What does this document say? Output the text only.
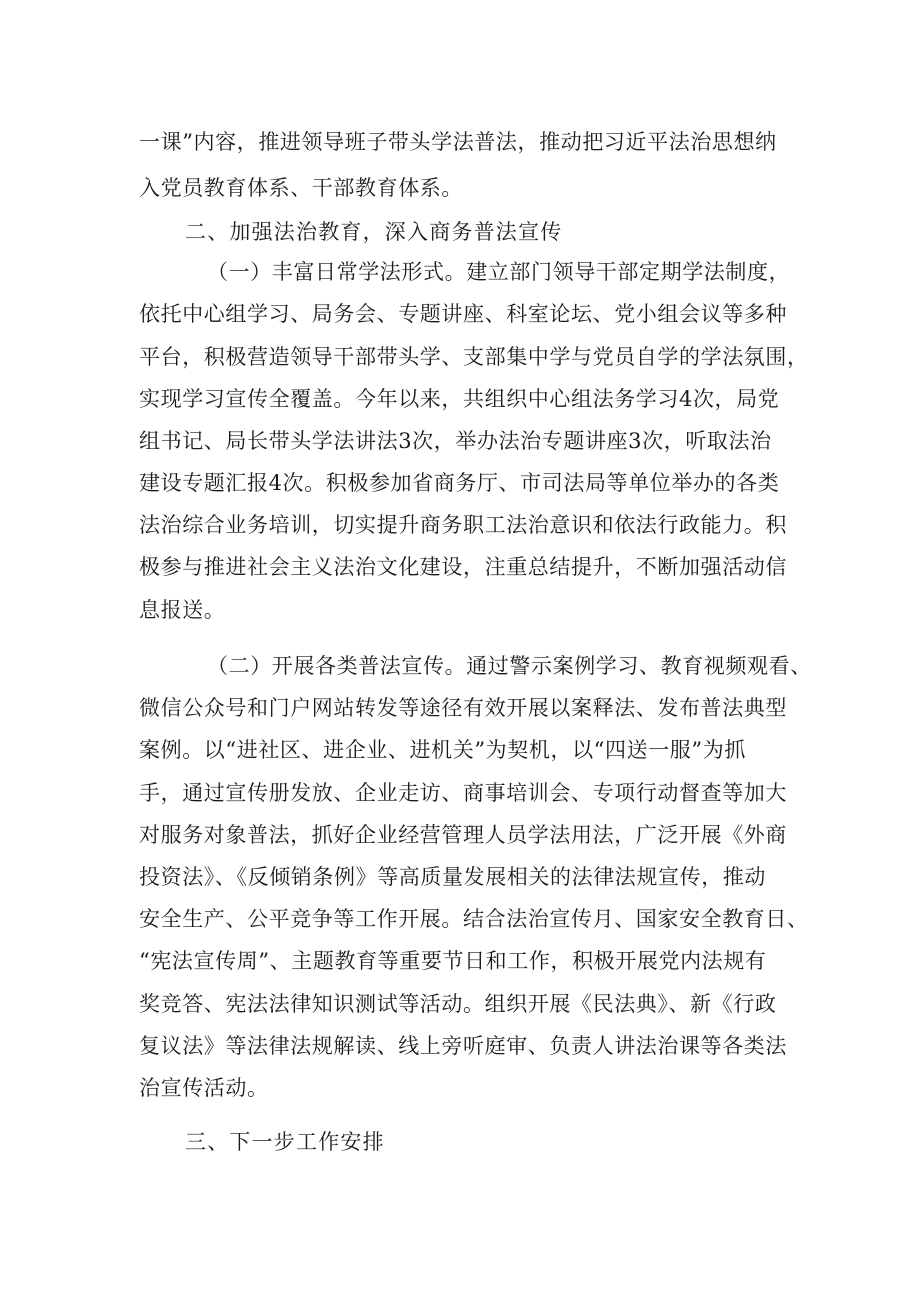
一课”内容，推进领导班子带头学法普法，推动把习近平法治思想纳
入党员教育体系、干部教育体系。
二、加强法治教育，深入商务普法宣传
（一）丰富日常学法形式。建立部门领导干部定期学法制度，
依托中心组学习、局务会、专题讲座、科室论坛、党小组会议等多种
平台，积极营造领导干部带头学、支部集中学与党员自学的学法氛围，
实现学习宣传全覆盖。今年以来，共组织中心组法务学习4次，局党
组书记、局长带头学法讲法3次，举办法治专题讲座3次，听取法治
建设专题汇报4次。积极参加省商务厅、市司法局等单位举办的各类
法治综合业务培训，切实提升商务职工法治意识和依法行政能力。积
极参与推进社会主义法治文化建设，注重总结提升，不断加强活动信
息报送。
（二）开展各类普法宣传。通过警示案例学习、教育视频观看、
微信公众号和门户网站转发等途径有效开展以案释法、发布普法典型
案例。以“进社区、进企业、进机关”为契机，以“四送一服”为抓
手，通过宣传册发放、企业走访、商事培训会、专项行动督查等加大
对服务对象普法，抓好企业经营管理人员学法用法，广泛开展《外商
投资法》、《反倾销条例》等高质量发展相关的法律法规宣传，推动
安全生产、公平竞争等工作开展。结合法治宣传月、国家安全教育日、
“宪法宣传周”、主题教育等重要节日和工作，积极开展党内法规有
奖竞答、宪法法律知识测试等活动。组织开展《民法典》、新《行政
复议法》等法律法规解读、线上旁听庭审、负责人讲法治课等各类法
治宣传活动。
三、下一步工作安排
